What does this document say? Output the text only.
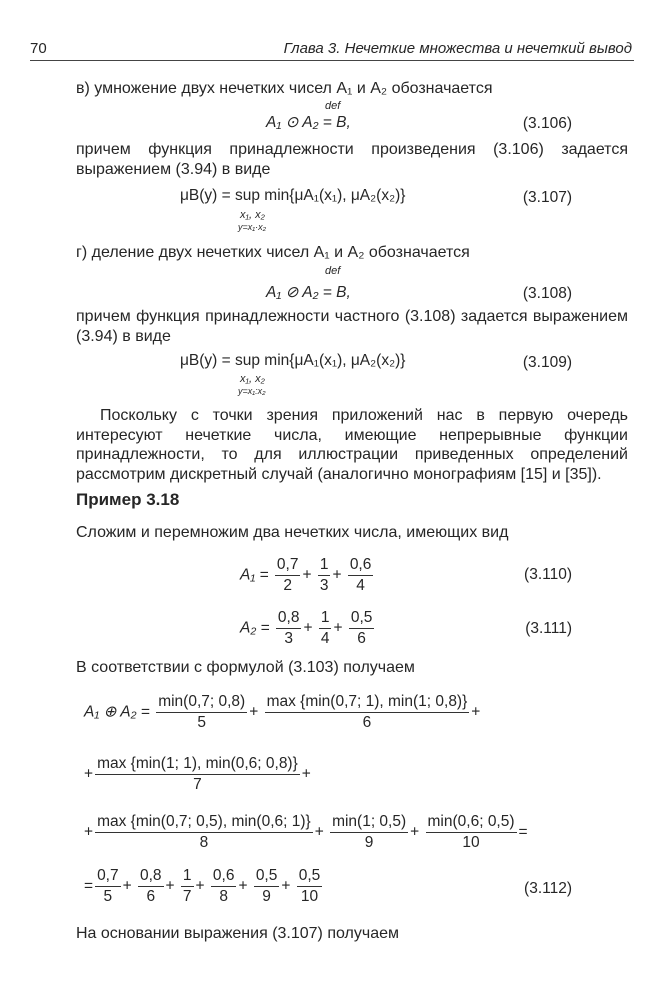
70	Глава 3. Нечеткие множества и нечеткий вывод
в) умножение двух нечетких чисел A₁ и A₂ обозначается
def
A₁ ⊙ A₂ = B,	(3.106)
причем функция принадлежности произведения (3.106) задается выражением (3.94) в виде
μB(y) = sup min{μA₁(x₁), μA₂(x₂)}
x₁, x₂
y=x₁·x₂
(3.107)
г) деление двух нечетких чисел A₁ и A₂ обозначается
def
A₁ ⊘ A₂ = B,	(3.108)
причем функция принадлежности частного (3.108) задается выражением (3.94) в виде
μB(y) = sup min{μA₁(x₁), μA₂(x₂)}
x₁, x₂
y=x₁:x₂
(3.109)
Поскольку с точки зрения приложений нас в первую очередь интересуют нечеткие числа, имеющие непрерывные функции принадлежности, то для иллюстрации приведенных определений рассмотрим дискретный случай (аналогично монографиям [15] и [35]).
Пример 3.18
Сложим и перемножим два нечетких числа, имеющих вид
$A_1 = \frac{0,7}{2} + \frac{1}{3} + \frac{0,6}{4}$	(3.110)
$A_2 = \frac{0,8}{3} + \frac{1}{4} + \frac{0,5}{6}$	(3.111)
В соответствии с формулой (3.103) получаем
A₁ ⊕ $A_2 = \frac{\min(0,7; 0,8)}{5} + \frac{\max \{\min(0,7; 1), \min(1; 0,8)\}}{6}$ +
+ $\frac{\max \{\min(1; 1), \min(0,6; 0,8)\}}{7}$ +
+ $\frac{\max \{\min(0,7; 0,5), \min(0,6; 1)\}}{8} + \frac{\min(1; 0,5)}{9} + \frac{\min(0,6; 0,5)}{10}$ =
= $\frac{0,7}{5} + \frac{0,8}{6} + \frac{1}{7} + \frac{0,6}{8} + \frac{0,5}{9} + \frac{0,5}{10}$	(3.112)
На основании выражения (3.107) получаем
